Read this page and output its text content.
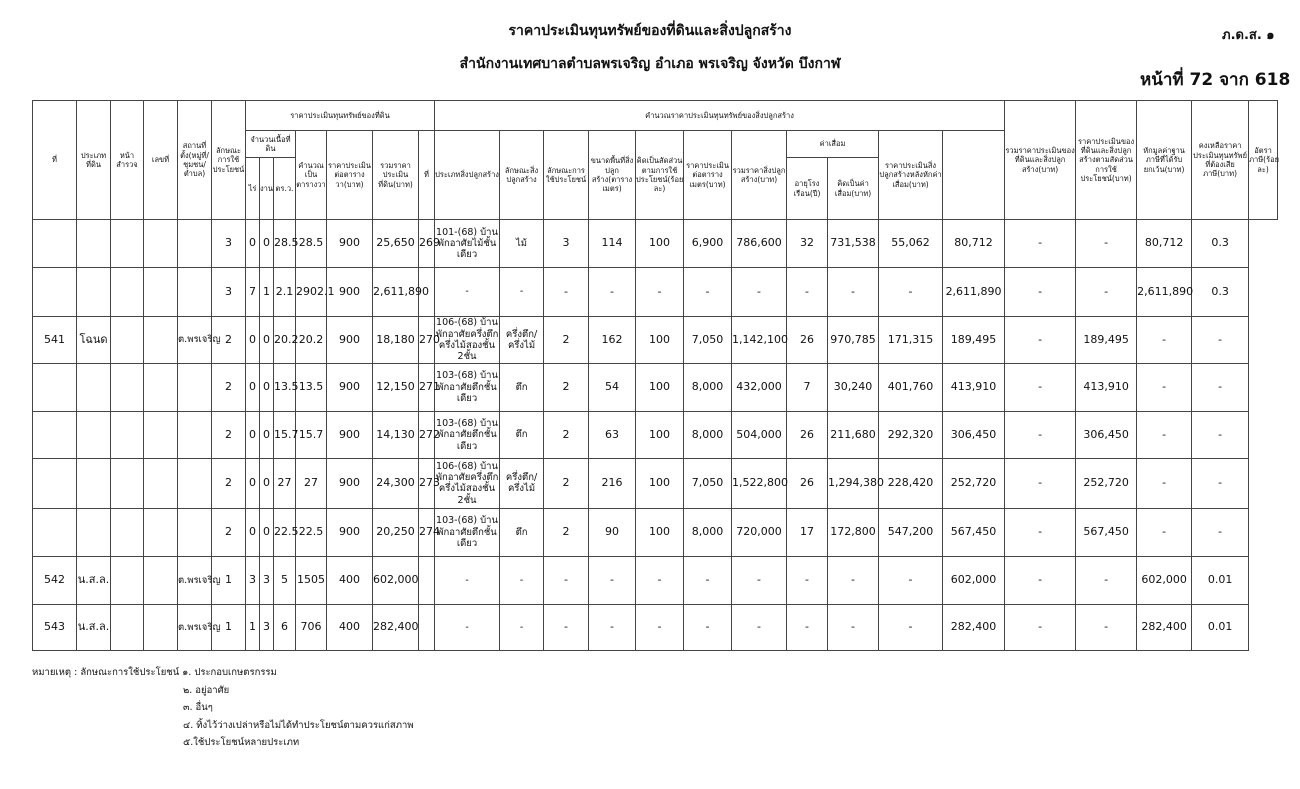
ราคาประเมินทุนทรัพย์ของที่ดินและสิ่งปลูกสร้าง
สำนักงานเทศบาลตำบลพรเจริญ อำเภอ พรเจริญ จังหวัด บึงกาฬ
ภ.ด.ส. ๑
หน้าที่ 72 จาก 618
ที่	ประเภทที่ดิน	หน้าสำรวจ	เลขที่	สถานที่ตั้ง(หมู่ที่/ชุมชน/ตำบล)	ลักษณะการใช้ประโยชน์	ราคาประเมินทุนทรัพย์ของที่ดิน							คำนวณราคาประเมินทุนทรัพย์ของสิ่งปลูกสร้าง											รวมราคาประเมินของที่ดินและสิ่งปลูกสร้าง(บาท)	ราคาประเมินของที่ดินและสิ่งปลูกสร้างตามสัดส่วนการใช้ประโยชน์(บาท)	หักมูลค่าฐานภาษีที่ได้รับยกเว้น(บาท)	คงเหลือราคาประเมินทุนทรัพย์ที่ต้องเสียภาษี(บาท)	อัตราภาษี(ร้อยละ)
						จำนวนเนื้อที่ดิน			คำนวณเป็นตารางวา	ราคาประเมินต่อตารางวา(บาท)	รวมราคาประเมินที่ดิน(บาท)	ที่	ประเภทสิ่งปลูกสร้าง	ลักษณะสิ่งปลูกสร้าง	ลักษณะการใช้ประโยชน์	ขนาดพื้นที่สิ่งปลูกสร้าง(ตารางเมตร)	คิดเป็นสัดส่วนตามการใช้ประโยชน์(ร้อยละ)	ราคาประเมินต่อตารางเมตร(บาท)	รวมราคาสิ่งปลูกสร้าง(บาท)	ค่าเสื่อม		ราคาประเมินสิ่งปลูกสร้างหลังหักค่าเสื่อม(บาท)						
						ไร่	งาน	ตร.ว.												อายุโรงเรือน(ปี)	คิดเป็นค่าเสื่อม(บาท)							
					3	0	0	28.5	28.5	900	25,650	269	101-(68) บ้านพักอาศัยไม้ชั้นเดียว	ไม้	3	114	100	6,900	786,600	32	731,538	55,062	80,712	-	-	80,712	0.3	
					3	7	1	2.1	2902.1	900	2,611,890		-	-	-	-	-	-	-	-	-	-	2,611,890	-	-	2,611,890	0.3	
541	โฉนด			ต.พรเจริญ	2	0	0	20.2	20.2	900	18,180	270	106-(68) บ้านพักอาศัยครึ่งตึกครึ่งไม้สองชั้น 2ชั้น	ครึ่งตึก/ครึ่งไม้	2	162	100	7,050	1,142,100	26	970,785	171,315	189,495	-	189,495	-	-	
					2	0	0	13.5	13.5	900	12,150	271	103-(68) บ้านพักอาศัยตึกชั้นเดียว	ตึก	2	54	100	8,000	432,000	7	30,240	401,760	413,910	-	413,910	-	-	
					2	0	0	15.7	15.7	900	14,130	272	103-(68) บ้านพักอาศัยตึกชั้นเดียว	ตึก	2	63	100	8,000	504,000	26	211,680	292,320	306,450	-	306,450	-	-	
					2	0	0	27	27	900	24,300	273	106-(68) บ้านพักอาศัยครึ่งตึกครึ่งไม้สองชั้น 2ชั้น	ครึ่งตึก/ครึ่งไม้	2	216	100	7,050	1,522,800	26	1,294,380	228,420	252,720	-	252,720	-	-	
					2	0	0	22.5	22.5	900	20,250	274	103-(68) บ้านพักอาศัยตึกชั้นเดียว	ตึก	2	90	100	8,000	720,000	17	172,800	547,200	567,450	-	567,450	-	-	
542	น.ส.ล.			ต.พรเจริญ	1	3	3	5	1505	400	602,000		-	-	-	-	-	-	-	-	-	-	602,000	-	-	602,000	0.01	
543	น.ส.ล.			ต.พรเจริญ	1	1	3	6	706	400	282,400		-	-	-	-	-	-	-	-	-	-	282,400	-	-	282,400	0.01	
หมายเหตุ : ลักษณะการใช้ประโยชน์ ๑. ประกอบเกษตรกรรม
๒. อยู่อาศัย
๓. อื่นๆ
๔. ทิ้งไว้ว่างเปล่าหรือไม่ได้ทำประโยชน์ตามควรแก่สภาพ
๕.ใช้ประโยชน์หลายประเภท
